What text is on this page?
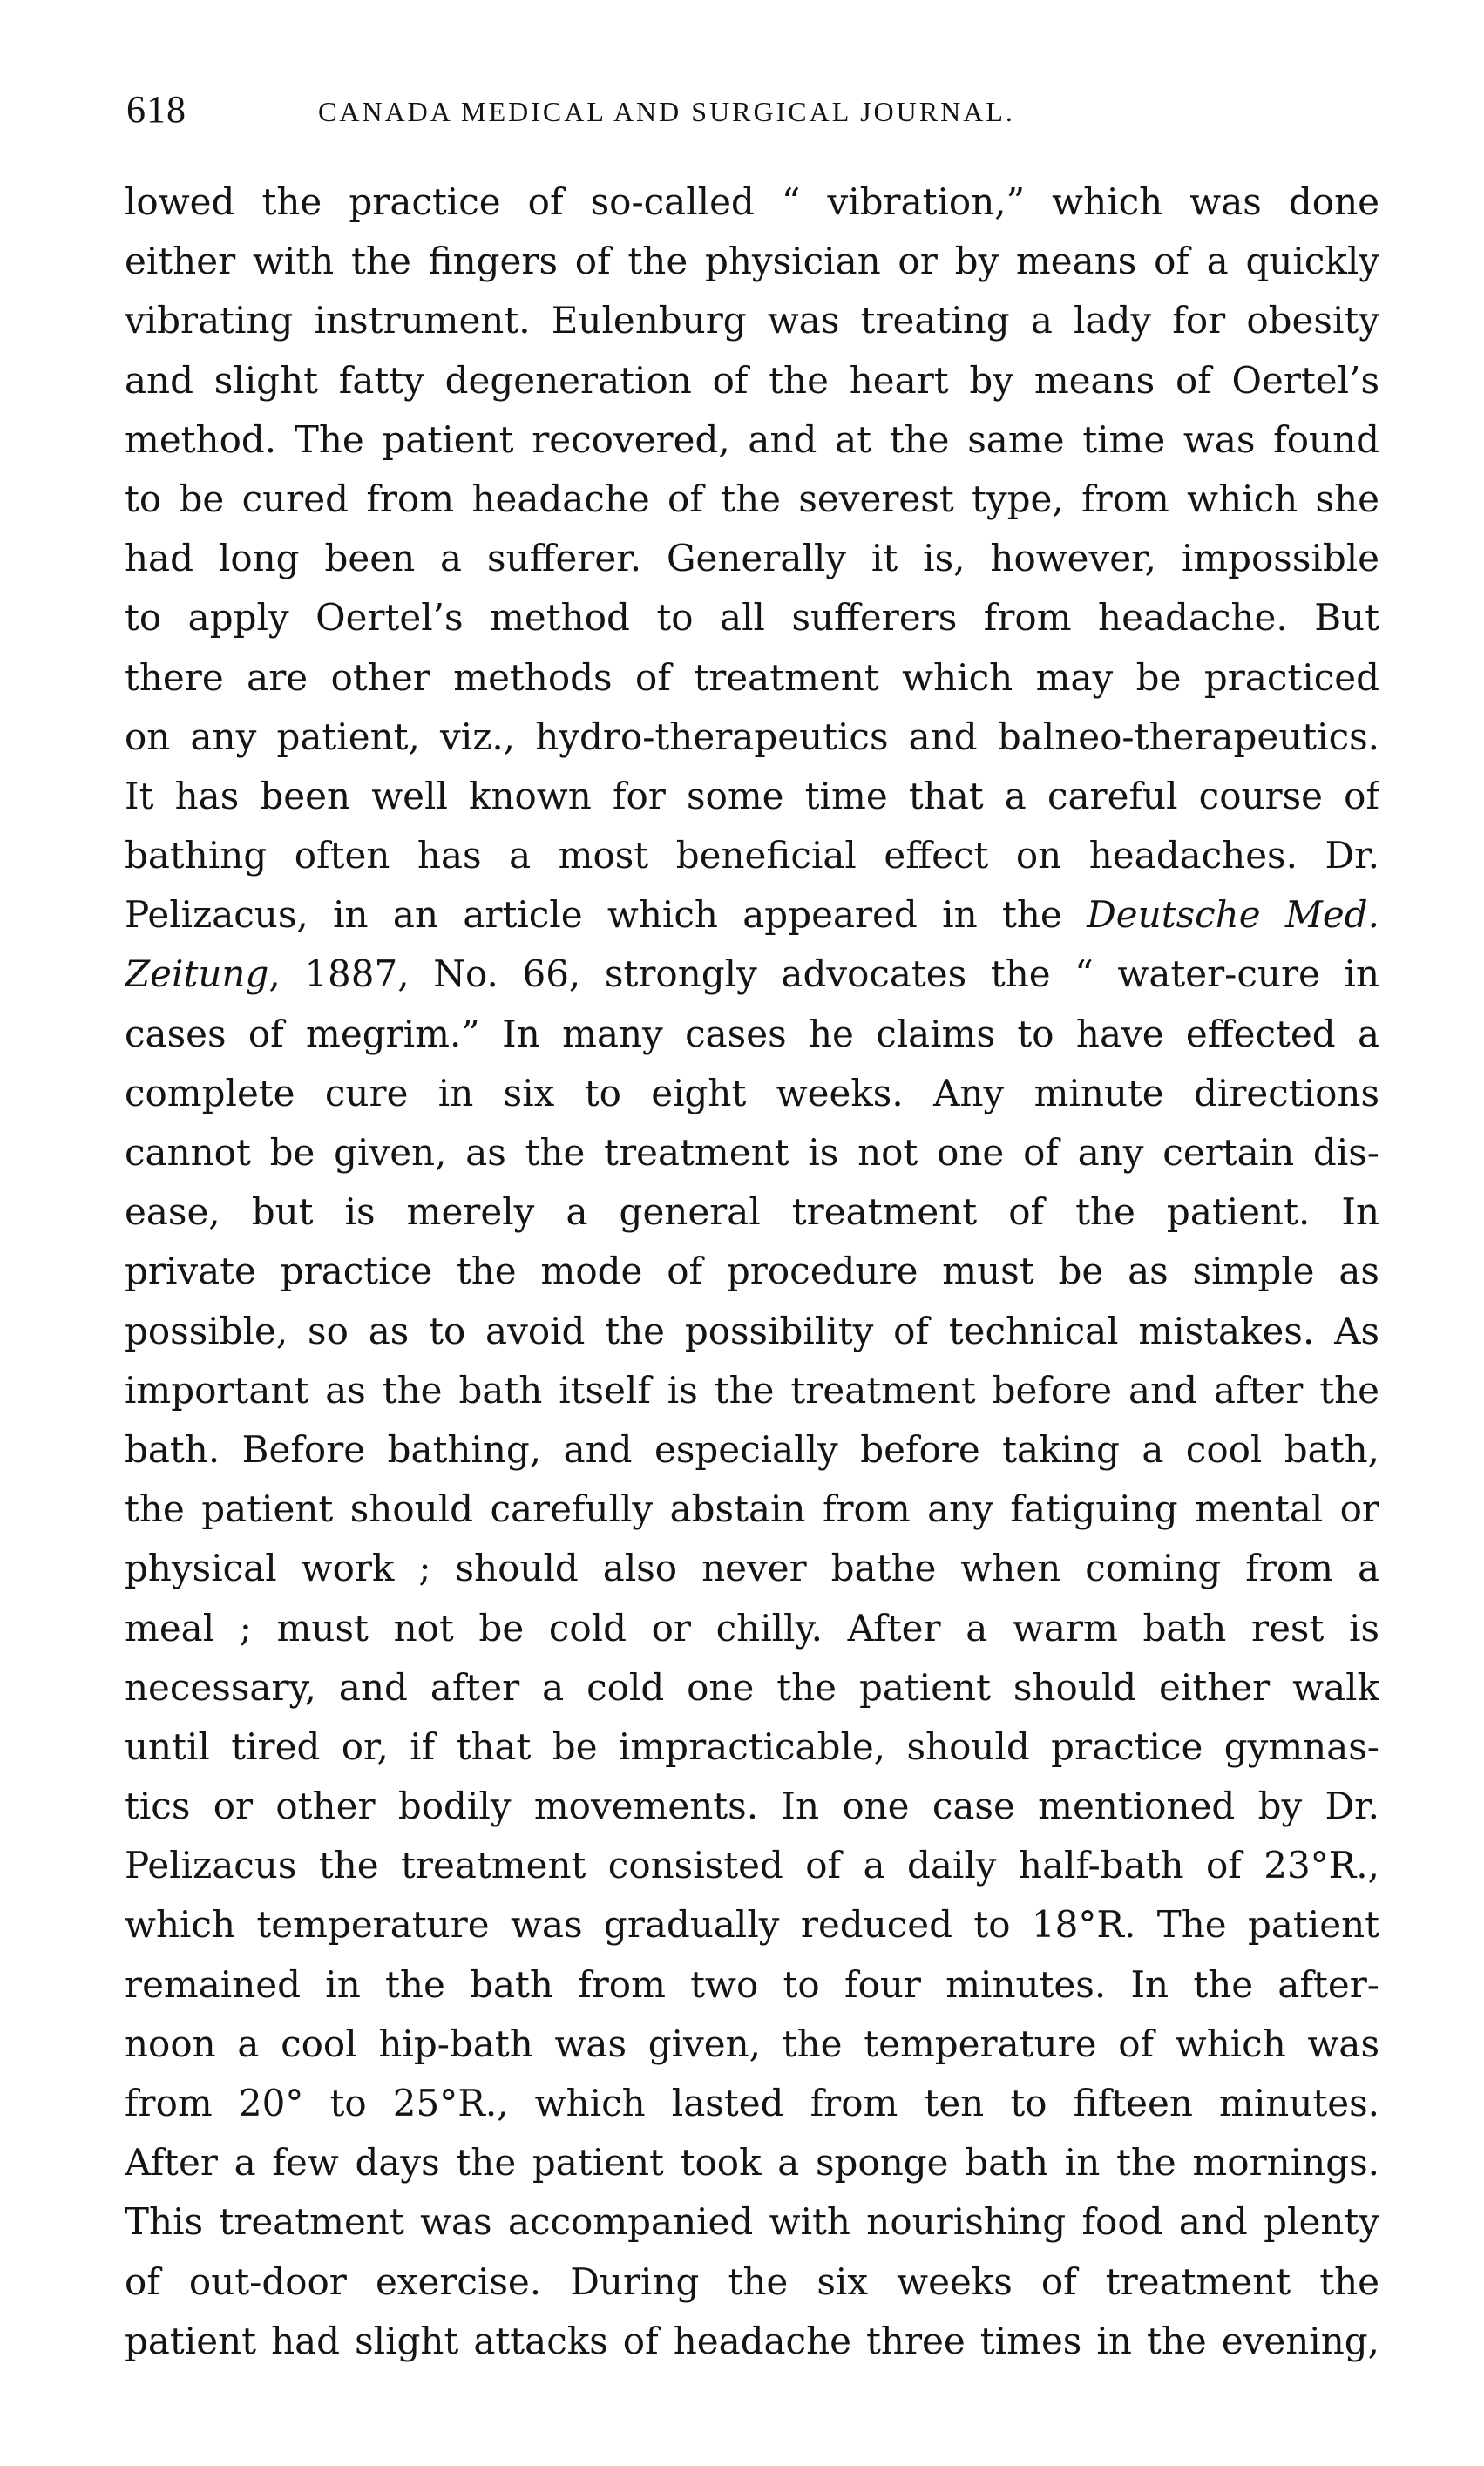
618	CANADA MEDICAL AND SURGICAL JOURNAL.
lowed the practice of so-called “ vibration,” which was done
either with the fingers of the physician or by means of a quickly
vibrating instrument. Eulenburg was treating a lady for obesity
and slight fatty degeneration of the heart by means of Oertel’s
method. The patient recovered, and at the same time was found
to be cured from headache of the severest type, from which she
had long been a sufferer. Generally it is, however, impossible
to apply Oertel’s method to all sufferers from headache. But
there are other methods of treatment which may be practiced
on any patient, viz., hydro-therapeutics and balneo-therapeutics.
It has been well known for some time that a careful course of
bathing often has a most beneficial effect on headaches. Dr.
Pelizacus, in an article which appeared in the Deutsche Med.
Zeitung, 1887, No. 66, strongly advocates the “ water-cure in
cases of megrim.” In many cases he claims to have effected a
complete cure in six to eight weeks. Any minute directions
cannot be given, as the treatment is not one of any certain dis-
ease, but is merely a general treatment of the patient. In
private practice the mode of procedure must be as simple as
possible, so as to avoid the possibility of technical mistakes. As
important as the bath itself is the treatment before and after the
bath. Before bathing, and especially before taking a cool bath,
the patient should carefully abstain from any fatiguing mental or
physical work ; should also never bathe when coming from a
meal ; must not be cold or chilly. After a warm bath rest is
necessary, and after a cold one the patient should either walk
until tired or, if that be impracticable, should practice gymnas-
tics or other bodily movements. In one case mentioned by Dr.
Pelizacus the treatment consisted of a daily half-bath of 23°R.,
which temperature was gradually reduced to 18°R. The patient
remained in the bath from two to four minutes. In the after-
noon a cool hip-bath was given, the temperature of which was
from 20° to 25°R., which lasted from ten to fifteen minutes.
After a few days the patient took a sponge bath in the mornings.
This treatment was accompanied with nourishing food and plenty
of out-door exercise. During the six weeks of treatment the
patient had slight attacks of headache three times in the evening,
